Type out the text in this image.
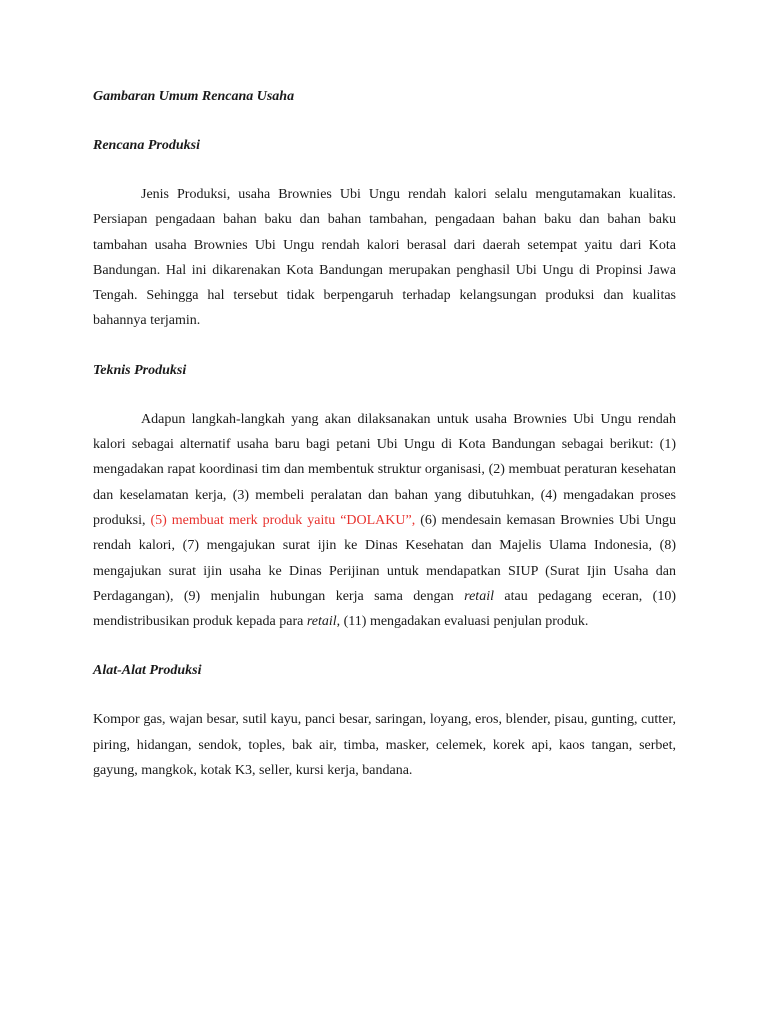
Gambaran Umum Rencana Usaha
Rencana Produksi

Jenis Produksi, usaha Brownies Ubi Ungu rendah kalori selalu mengutamakan kualitas. Persiapan pengadaan bahan baku dan bahan tambahan, pengadaan bahan baku dan bahan baku tambahan usaha Brownies Ubi Ungu rendah kalori berasal dari daerah setempat yaitu dari Kota Bandungan. Hal ini dikarenakan Kota Bandungan merupakan penghasil Ubi Ungu di Propinsi Jawa Tengah. Sehingga hal tersebut tidak berpengaruh terhadap kelangsungan produksi dan kualitas bahannya terjamin.

Teknis Produksi

Adapun langkah-langkah yang akan dilaksanakan untuk usaha Brownies Ubi Ungu rendah kalori sebagai alternatif usaha baru bagi petani Ubi Ungu di Kota Bandungan sebagai berikut: (1) mengadakan rapat koordinasi tim dan membentuk struktur organisasi, (2) membuat peraturan kesehatan dan keselamatan kerja, (3) membeli peralatan dan bahan yang dibutuhkan, (4) mengadakan proses produksi, (5) membuat merk produk yaitu “DOLAKU”, (6) mendesain kemasan Brownies Ubi Ungu rendah kalori, (7) mengajukan surat ijin ke Dinas Kesehatan dan Majelis Ulama Indonesia, (8) mengajukan surat ijin usaha ke Dinas Perijinan untuk mendapatkan SIUP (Surat Ijin Usaha dan Perdagangan), (9) menjalin hubungan kerja sama dengan retail atau pedagang eceran, (10) mendistribusikan produk kepada para retail, (11) mengadakan evaluasi penjulan produk.

Alat-Alat Produksi

Kompor gas, wajan besar, sutil kayu, panci besar, saringan, loyang, eros, blender, pisau, gunting, cutter, piring, hidangan, sendok, toples, bak air, timba, masker, celemek, korek api, kaos tangan, serbet, gayung, mangkok, kotak K3, seller, kursi kerja, bandana.
